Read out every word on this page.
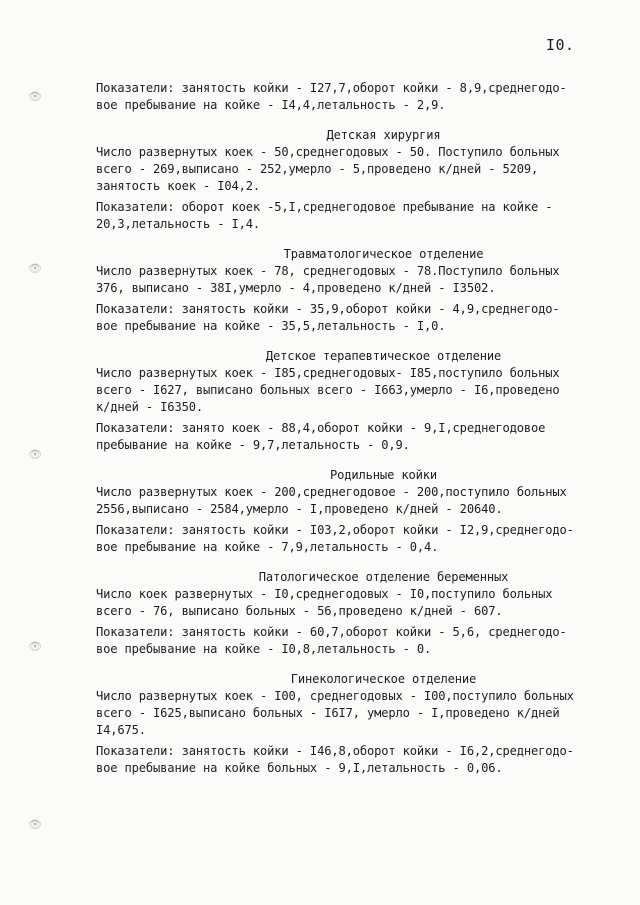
I0.
👁︎
👁︎
👁︎
👁︎
👁︎

Показатели: занятость койки - I27,7,оборот койки - 8,9,среднегодо-

вое пребывание на койке - I4,4,летальность - 2,9.

Детская хирургия

Число развернутых коек - 50,среднегодовых - 50. Поступило больных

всего - 269,выписано - 252,умерло - 5,проведено к/дней - 5209,

занятость коек - I04,2.

Показатели: оборот коек -5,I,среднегодовое пребывание на койке -

20,3,летальность - I,4.

Травматологическое отделение

Число развернутых коек - 78, среднегодовых - 78.Поступило больных

376, выписано - 38I,умерло - 4,проведено к/дней - I3502.

Показатели: занятость койки - 35,9,оборот койки - 4,9,среднегодо-

вое пребывание на койке - 35,5,летальность - I,0.

Детское терапевтическое отделение

Число развернутых коек - I85,среднегодовых- I85,поступило больных

всего - I627, выписано больных всего - I663,умерло - I6,проведено

к/дней - I6350.

Показатели: занято коек - 88,4,оборот койки - 9,I,среднегодовое

пребывание на койке - 9,7,летальность - 0,9.

Родильные койки

Число развернутых коек - 200,среднегодовое - 200,поступило больных

2556,выписано - 2584,умерло - I,проведено к/дней - 20640.

Показатели: занятость койки - I03,2,оборот койки - I2,9,среднегодо-

вое пребывание на койке - 7,9,летальность - 0,4.

Патологическое отделение беременных

Число коек развернутых - I0,среднегодовых - I0,поступило больных

всего - 76, выписано больных - 56,проведено к/дней - 607.

Показатели: занятость койки - 60,7,оборот койки - 5,6, среднегодо-

вое пребывание на койке - I0,8,летальность - 0.

Гинекологическое отделение

Число развернутых коек - I00, среднегодовых - I00,поступило больных

всего - I625,выписано больных - I6I7, умерло - I,проведено к/дней

I4,675.

Показатели: занятость койки - I46,8,оборот койки - I6,2,среднегодо-

вое пребывание на койке больных - 9,I,летальность - 0,06.
